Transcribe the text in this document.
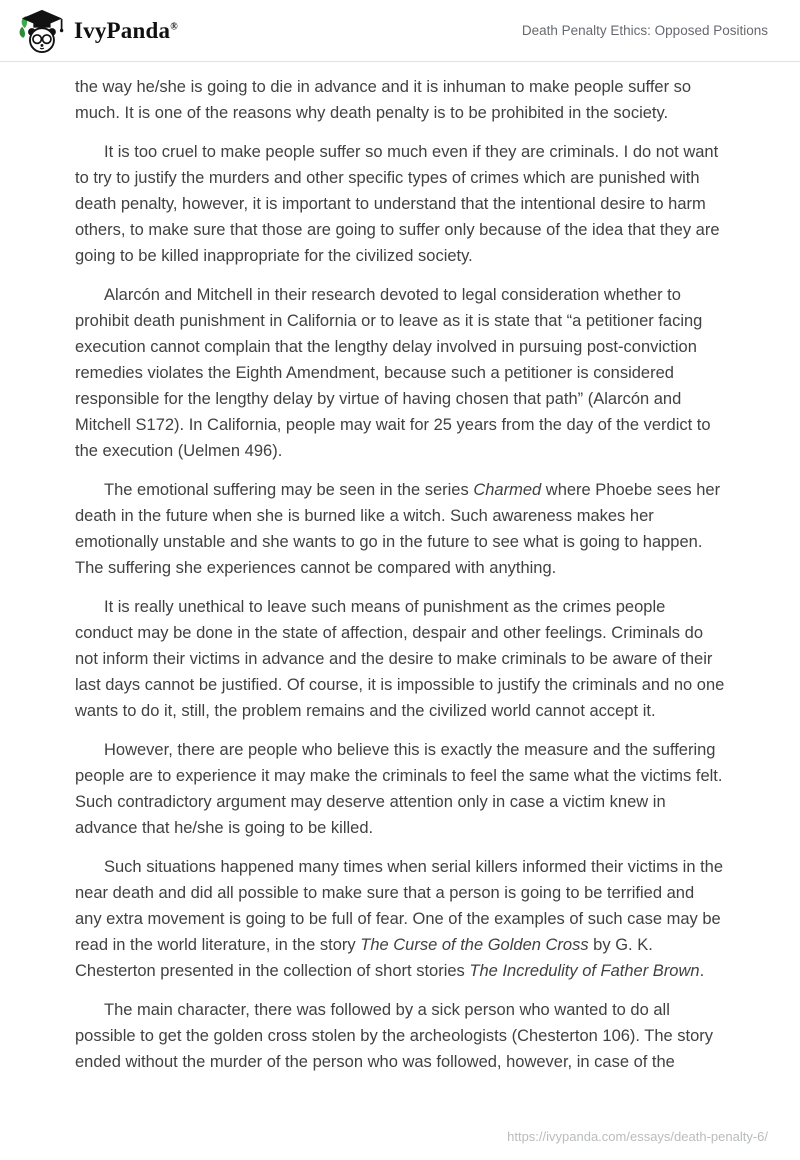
IvyPanda®	Death Penalty Ethics: Opposed Positions

the way he/she is going to die in advance and it is inhuman to make people suffer so much. It is one of the reasons why death penalty is to be prohibited in the society.

It is too cruel to make people suffer so much even if they are criminals. I do not want to try to justify the murders and other specific types of crimes which are punished with death penalty, however, it is important to understand that the intentional desire to harm others, to make sure that those are going to suffer only because of the idea that they are going to be killed inappropriate for the civilized society.

Alarcón and Mitchell in their research devoted to legal consideration whether to prohibit death punishment in California or to leave as it is state that “a petitioner facing execution cannot complain that the lengthy delay involved in pursuing post-conviction remedies violates the Eighth Amendment, because such a petitioner is considered responsible for the lengthy delay by virtue of having chosen that path” (Alarcón and Mitchell S172). In California, people may wait for 25 years from the day of the verdict to the execution (Uelmen 496).

The emotional suffering may be seen in the series Charmed where Phoebe sees her death in the future when she is burned like a witch. Such awareness makes her emotionally unstable and she wants to go in the future to see what is going to happen. The suffering she experiences cannot be compared with anything.

It is really unethical to leave such means of punishment as the crimes people conduct may be done in the state of affection, despair and other feelings. Criminals do not inform their victims in advance and the desire to make criminals to be aware of their last days cannot be justified. Of course, it is impossible to justify the criminals and no one wants to do it, still, the problem remains and the civilized world cannot accept it.

However, there are people who believe this is exactly the measure and the suffering people are to experience it may make the criminals to feel the same what the victims felt. Such contradictory argument may deserve attention only in case a victim knew in advance that he/she is going to be killed.

Such situations happened many times when serial killers informed their victims in the near death and did all possible to make sure that a person is going to be terrified and any extra movement is going to be full of fear. One of the examples of such case may be read in the world literature, in the story The Curse of the Golden Cross by G. K. Chesterton presented in the collection of short stories The Incredulity of Father Brown.

The main character, there was followed by a sick person who wanted to do all possible to get the golden cross stolen by the archeologists (Chesterton 106). The story ended without the murder of the person who was followed, however, in case of the

https://ivypanda.com/essays/death-penalty-6/
